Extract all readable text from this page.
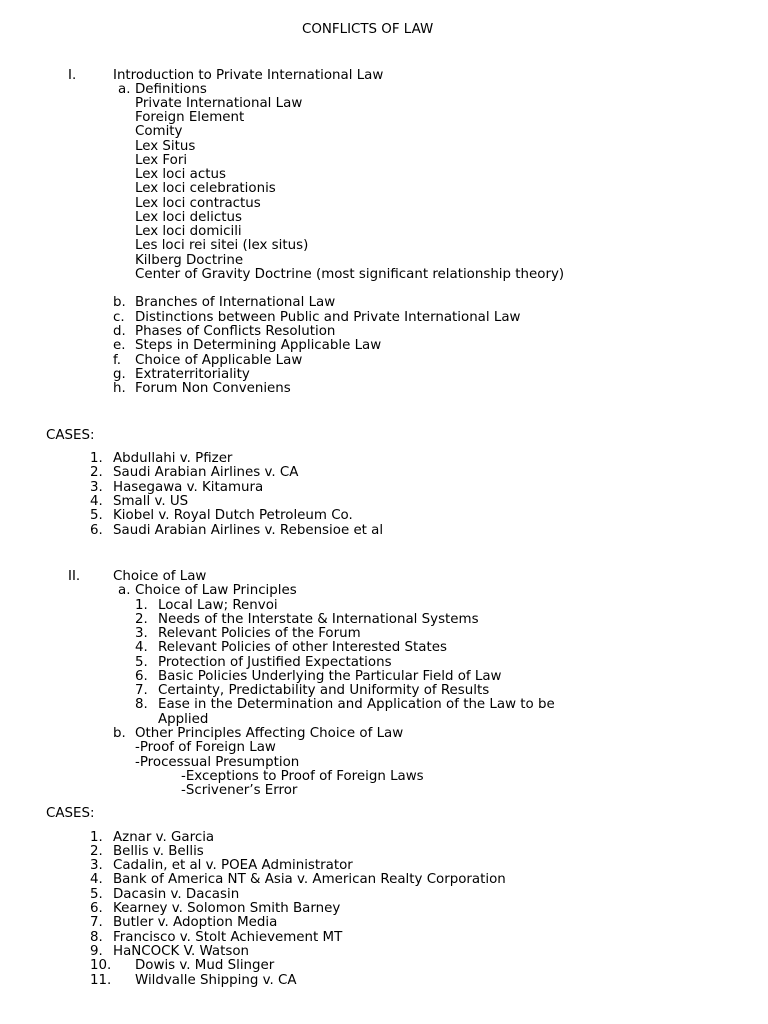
CONFLICTS OF LAW
I.	Introduction to Private International Law
a. Definitions
Private International Law
Foreign Element
Comity
Lex Situs
Lex Fori
Lex loci actus
Lex loci celebrationis
Lex loci contractus
Lex loci delictus
Lex loci domicili
Les loci rei sitei (lex situs)
Kilberg Doctrine
Center of Gravity Doctrine (most significant relationship theory)
b. Branches of International Law
c. Distinctions between Public and Private International Law
d. Phases of Conflicts Resolution
e. Steps in Determining Applicable Law
f. Choice of Applicable Law
g. Extraterritoriality
h. Forum Non Conveniens
CASES:
1. Abdullahi v. Pfizer
2. Saudi Arabian Airlines v. CA
3. Hasegawa v. Kitamura
4. Small v. US
5. Kiobel v. Royal Dutch Petroleum Co.
6. Saudi Arabian Airlines v. Rebensioe et al
II. Choice of Law
a. Choice of Law Principles
1. Local Law; Renvoi
2. Needs of the Interstate & International Systems
3. Relevant Policies of the Forum
4. Relevant Policies of other Interested States
5. Protection of Justified Expectations
6. Basic Policies Underlying the Particular Field of Law
7. Certainty, Predictability and Uniformity of Results
8. Ease in the Determination and Application of the Law to be
Applied
b. Other Principles Affecting Choice of Law
-Proof of Foreign Law
-Processual Presumption
-Exceptions to Proof of Foreign Laws
-Scrivener’s Error
CASES:
1. Aznar v. Garcia
2. Bellis v. Bellis
3. Cadalin, et al v. POEA Administrator
4. Bank of America NT & Asia v. American Realty Corporation
5. Dacasin v. Dacasin
6. Kearney v. Solomon Smith Barney
7. Butler v. Adoption Media
8. Francisco v. Stolt Achievement MT
9. HaNCOCK V. Watson
10. Dowis v. Mud Slinger
11. Wildvalle Shipping v. CA
